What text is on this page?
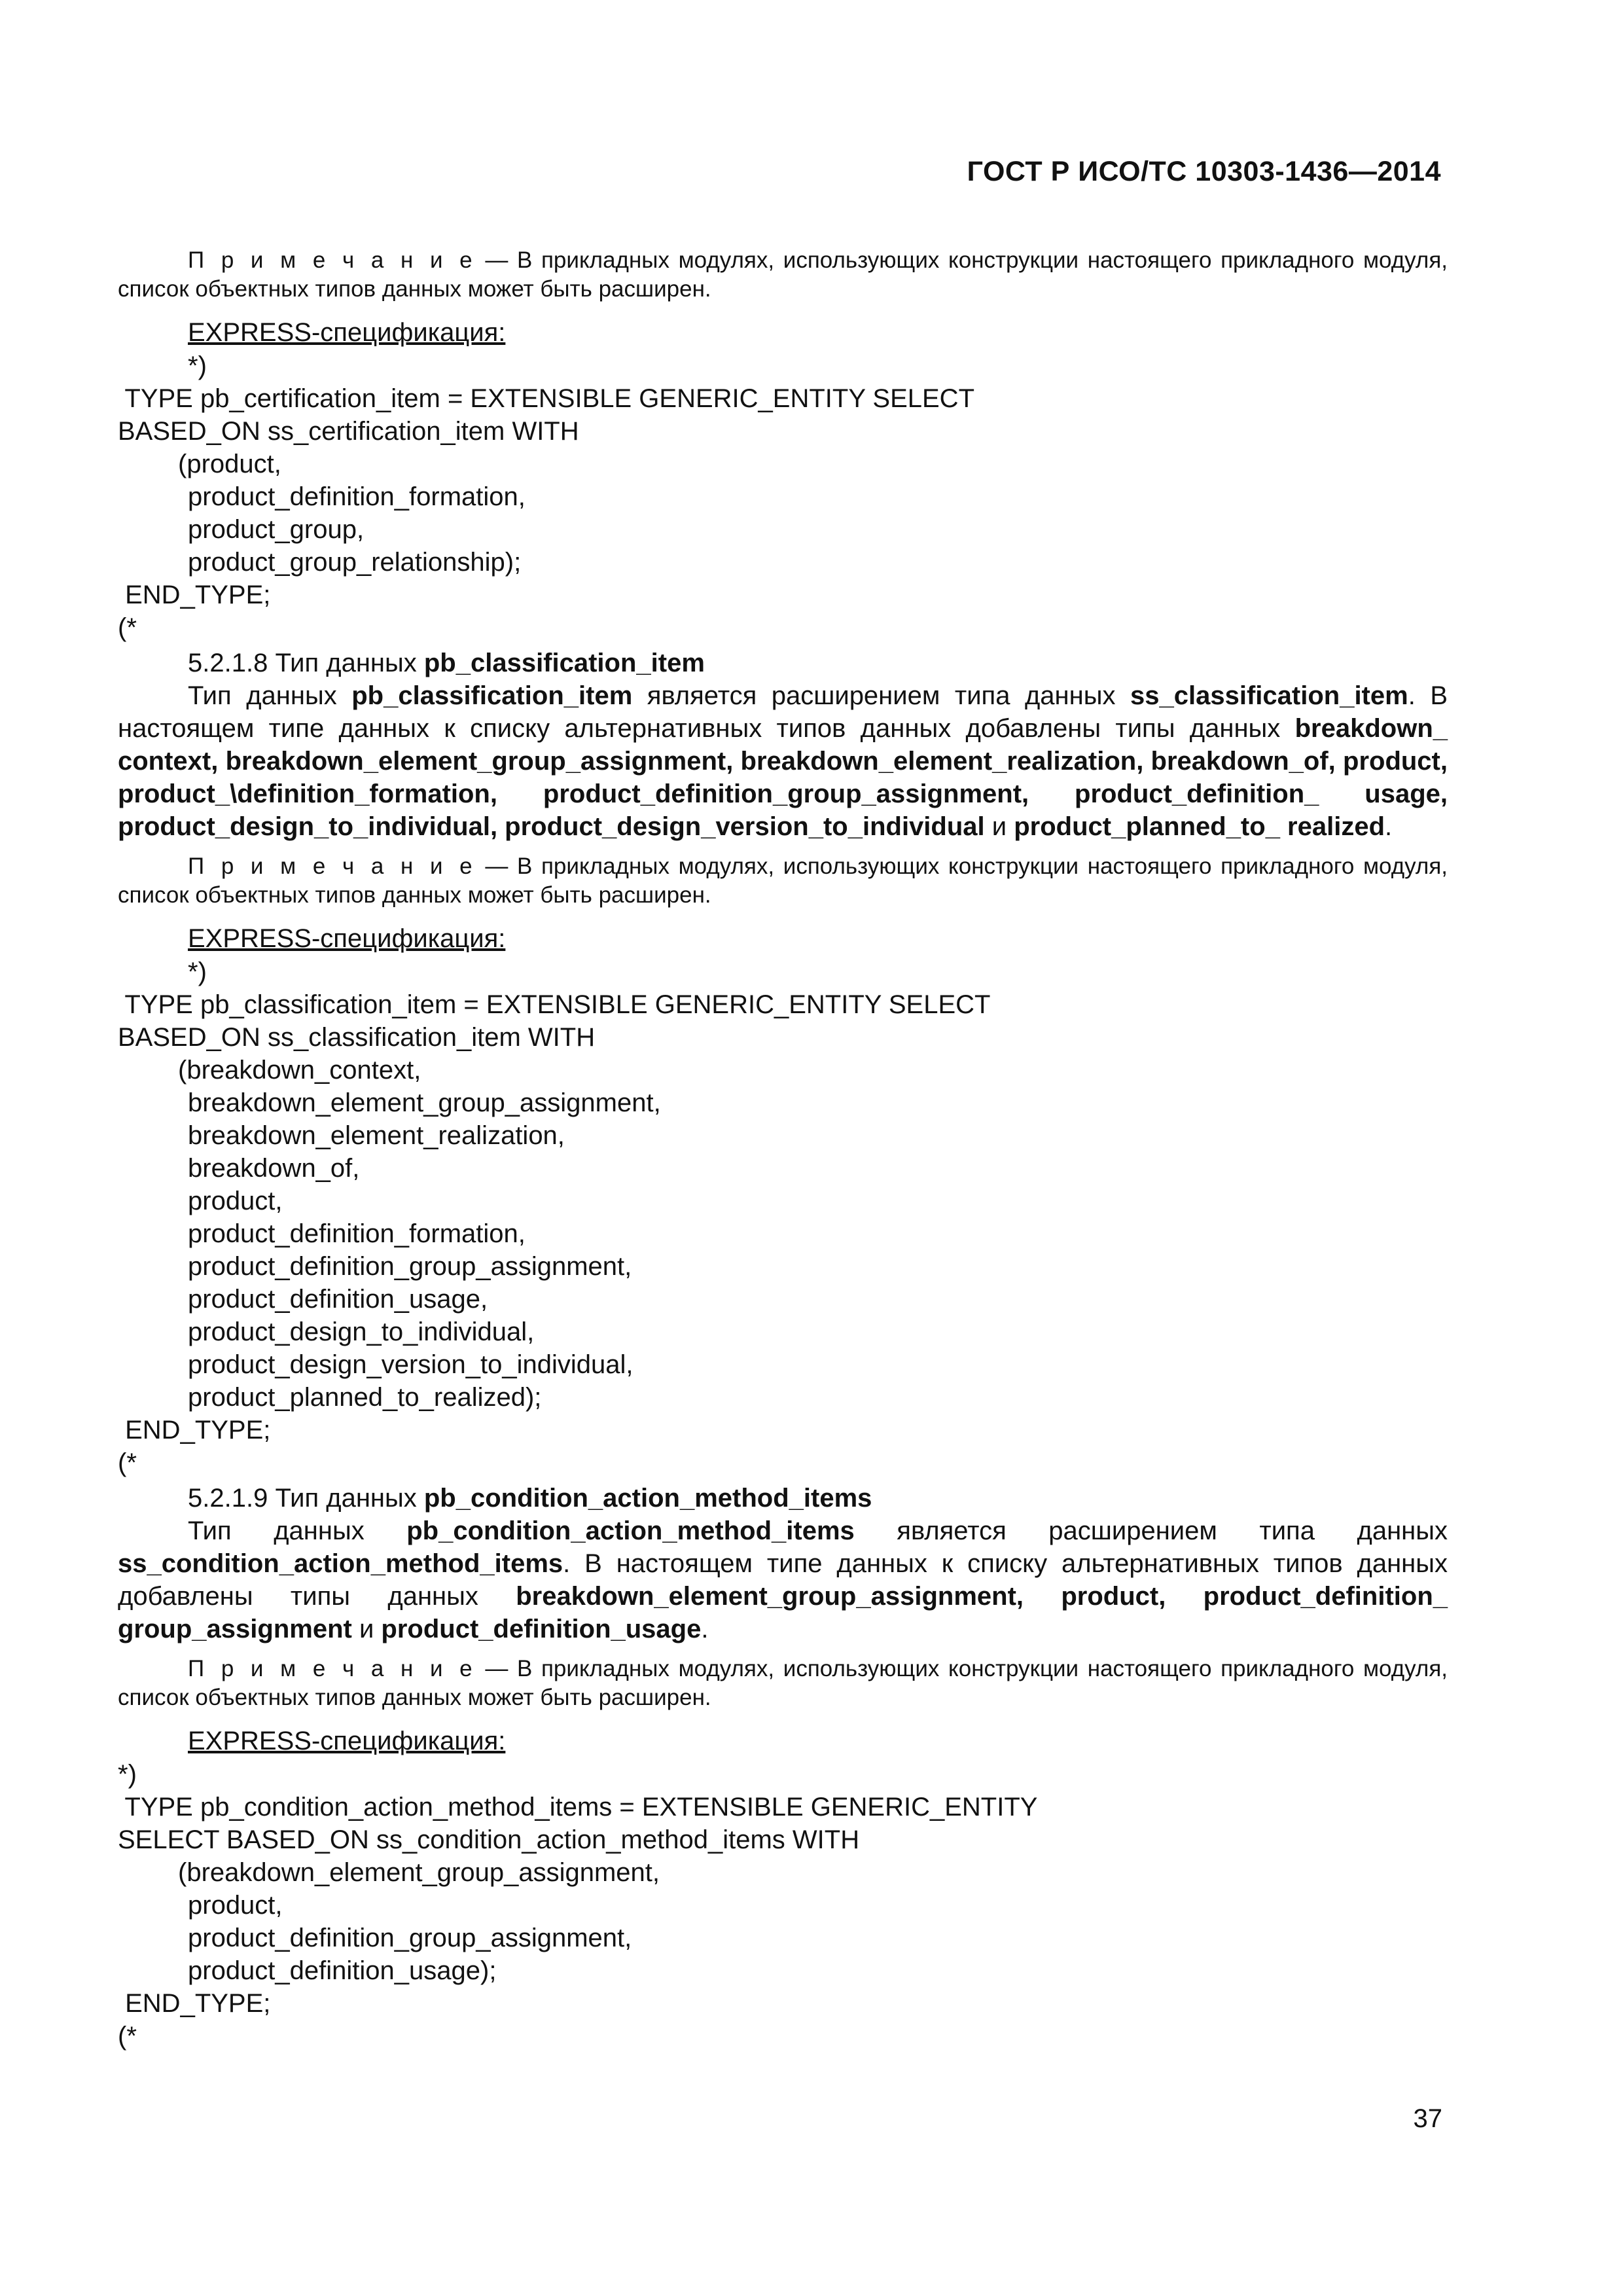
ГОСТ Р ИСО/ТС 10303-1436—2014

П р и м е ч а н и е — В прикладных модулях, использующих конструкции настоящего прикладного модуля, список объектных типов данных может быть расширен.

EXPRESS-спецификация:
*)
TYPE pb_certification_item = EXTENSIBLE GENERIC_ENTITY SELECT
BASED_ON ss_certification_item WITH
(product,
product_definition_formation,
product_group,
product_group_relationship);
END_TYPE;
(*

5.2.1.8 Тип данных pb_classification_item

Тип данных pb_classification_item является расширением типа данных ss_classification_item. В настоящем типе данных к списку альтернативных типов данных добавлены типы данных breakdown_ context, breakdown_element_group_assignment, breakdown_element_realization, breakdown_of, product, product_\definition_formation, product_definition_group_assignment, product_definition_ usage, product_design_to_individual, product_design_version_to_individual и product_planned_to_ realized.

П р и м е ч а н и е — В прикладных модулях, использующих конструкции настоящего прикладного модуля, список объектных типов данных может быть расширен.

EXPRESS-спецификация:
*)
TYPE pb_classification_item = EXTENSIBLE GENERIC_ENTITY SELECT
BASED_ON ss_classification_item WITH
(breakdown_context,
breakdown_element_group_assignment,
breakdown_element_realization,
breakdown_of,
product,
product_definition_formation,
product_definition_group_assignment,
product_definition_usage,
product_design_to_individual,
product_design_version_to_individual,
product_planned_to_realized);
END_TYPE;
(*

5.2.1.9 Тип данных pb_condition_action_method_items

Тип данных pb_condition_action_method_items является расширением типа данных ss_condition_action_method_items. В настоящем типе данных к списку альтернативных типов данных добавлены типы данных breakdown_element_group_assignment, product, product_definition_ group_assignment и product_definition_usage.

П р и м е ч а н и е — В прикладных модулях, использующих конструкции настоящего прикладного модуля, список объектных типов данных может быть расширен.

EXPRESS-спецификация:
*)
TYPE pb_condition_action_method_items = EXTENSIBLE GENERIC_ENTITY
SELECT BASED_ON ss_condition_action_method_items WITH
(breakdown_element_group_assignment,
product,
product_definition_group_assignment,
product_definition_usage);
END_TYPE;
(*
37
